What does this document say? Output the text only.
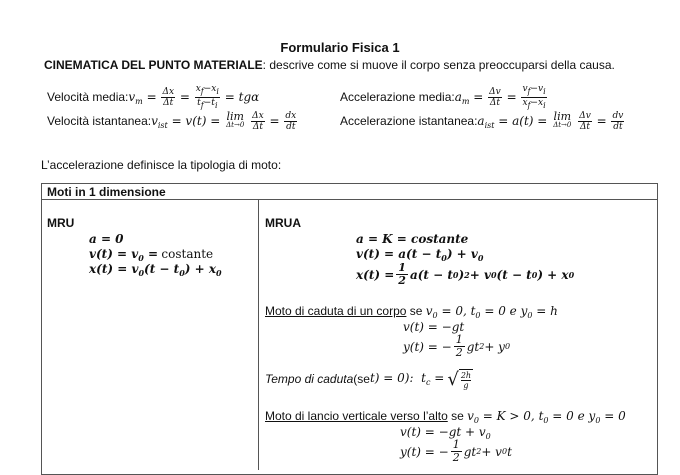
Formulario Fisica 1
CINEMATICA DEL PUNTO MATERIALE: descrive come si muove il corpo senza preoccuparsi della causa.
Velocità media: $v_m = \frac{\Delta x}{\Delta t} = \frac{xf-xi}{tf-ti} = tg\alpha$	Accelerazione media: $a_m = \frac{\Delta v}{\Delta t} = \frac{vf-vi}{xf-xi}$
Velocità istantanea: $v_{ist} = v(t) = \lim$
Δt→0
$\frac{\Delta x}{\Delta t} = \frac{dx}{dt}$	Accelerazione istantanea: $a_{ist} = a(t) = \lim$
Δt→0
$\frac{\Delta v}{\Delta t} = \frac{dv}{dt}$
L’accelerazione definisce la tipologia di moto:
Moti in 1 dimensione
MRU
a = 0
$v(t) = v_0$ = costante
$x(t) = v_0(t - t_0) + x_0$
MRUA
a = K = costante
$v(t) = a(t - t_0) + v_0$
$x(t) = \frac{1}{2} a(t - t$ 0 ) 2 + v 0 (t − t 0 ) + x 0
Moto di caduta di un corpo se $v_0 = 0$, $t_0 = 0$ e $y_0 = h$
v(t) = −gt
y(t) = − $\frac{1}{2}$ gt 2 + y 0
Tempo di caduta (se t) = 0):  $t_c$ = √ 2h
g
Moto di lancio verticale verso l’alto se $v_0 = K > 0$, $t_0 = 0$ e $y_0 = 0$
$v(t) = -gt + v_0$
y(t) = − $\frac{1}{2}$ gt 2 + v 0 t
